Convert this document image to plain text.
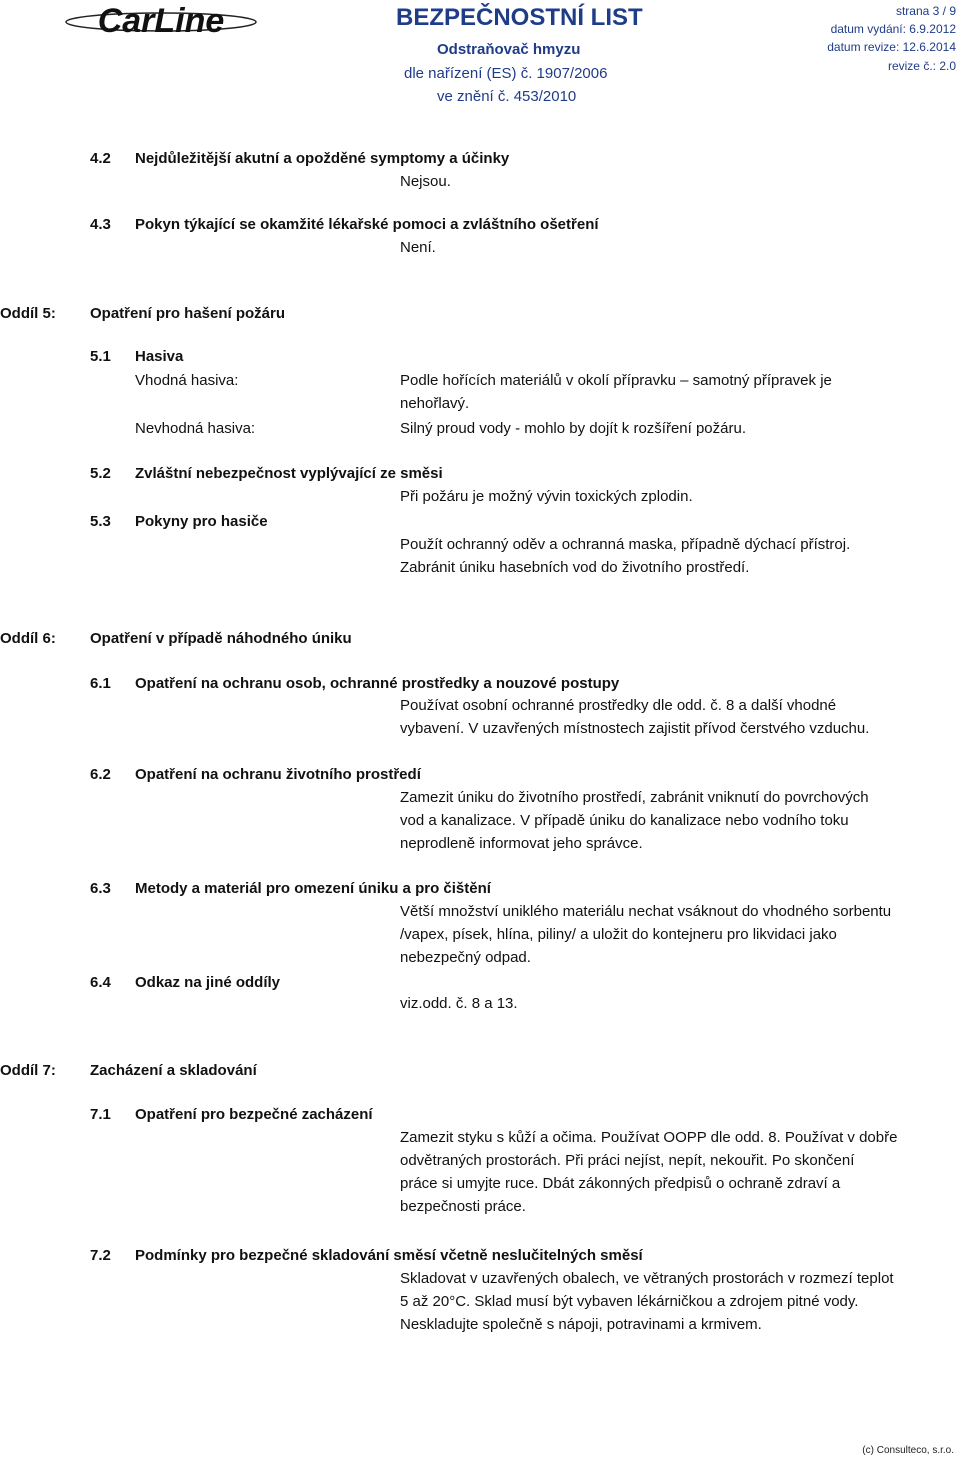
CarLine	BEZPEČNOSTNÍ LIST
Odstraňovač hmyzu
dle nařízení (ES) č. 1907/2006
ve znění č. 453/2010
strana 3 / 9
datum vydání: 6.9.2012
datum revize: 12.6.2014
revize č.: 2.0
4.2 Nejdůležitější akutní a opožděné symptomy a účinky
Nejsou.
4.3 Pokyn týkající se okamžité lékařské pomoci a zvláštního ošetření
Není.
Oddíl 5: Opatření pro hašení požáru
5.1 Hasiva
Vhodná hasiva:	Podle hořících materiálů v okolí přípravku – samotný přípravek je
nehořlavý.
Nevhodná hasiva:	Silný proud vody - mohlo by dojít k rozšíření požáru.
5.2 Zvláštní nebezpečnost vyplývající ze směsi
Při požáru je možný vývin toxických zplodin.
5.3 Pokyny pro hasiče
Použít ochranný oděv a ochranná maska, případně dýchací přístroj.
Zabránit úniku hasebních vod do životního prostředí.
Oddíl 6: Opatření v případě náhodného úniku
6.1 Opatření na ochranu osob, ochranné prostředky a nouzové postupy
Používat osobní ochranné prostředky dle odd. č. 8 a další vhodné
vybavení. V uzavřených místnostech zajistit přívod čerstvého vzduchu.
6.2 Opatření na ochranu životního prostředí
Zamezit úniku do životního prostředí, zabránit vniknutí do povrchových
vod a kanalizace. V případě úniku do kanalizace nebo vodního toku
neprodleně informovat jeho správce.
6.3 Metody a materiál pro omezení úniku a pro čištění
Větší množství uniklého materiálu nechat vsáknout do vhodného sorbentu
/vapex, písek, hlína, piliny/ a uložit do kontejneru pro likvidaci jako
nebezpečný odpad.
6.4 Odkaz na jiné oddíly
viz.odd. č. 8 a 13.
Oddíl 7: Zacházení a skladování
7.1 Opatření pro bezpečné zacházení
Zamezit styku s kůží a očima. Používat OOPP dle odd. 8. Používat v dobře
odvětraných prostorách. Při práci nejíst, nepít, nekouřit. Po skončení
práce si umyjte ruce. Dbát zákonných předpisů o ochraně zdraví a
bezpečnosti práce.
7.2 Podmínky pro bezpečné skladování směsí včetně neslučitelných směsí
Skladovat v uzavřených obalech, ve větraných prostorách v rozmezí teplot
5 až 20°C. Sklad musí být vybaven lékárničkou a zdrojem pitné vody.
Neskladujte společně s nápoji, potravinami a krmivem.
(c) Consulteco, s.r.o.
